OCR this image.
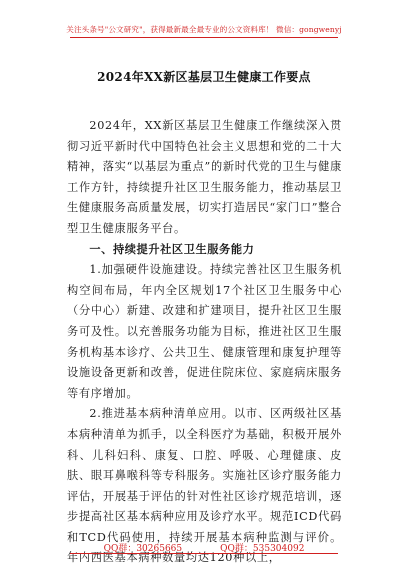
关注头条号"公文研究"，获得最新最全最专业的公文资料库！ 微信：gongwenyj
2024年XX新区基层卫生健康工作要点

2024年，XX新区基层卫生健康工作继续深入贯彻习近平新时代中国特色社会主义思想和党的二十大精神，落实“以基层为重点”的新时代党的卫生与健康工作方针，持续提升社区卫生服务能力，推动基层卫生健康服务高质量发展，切实打造居民“家门口”整合型卫生健康服务平台。

一、持续提升社区卫生服务能力

1.加强硬件设施建设。持续完善社区卫生服务机构空间布局，年内全区规划17个社区卫生服务中心（分中心）新建、改建和扩建项目，提升社区卫生服务可及性。以充善服务功能为目标，推进社区卫生服务机构基本诊疗、公共卫生、健康管理和康复护理等设施设备更新和改善，促进住院床位、家庭病床服务等有序增加。

2.推进基本病种清单应用。以市、区两级社区基本病种清单为抓手，以全科医疗为基础，积极开展外科、儿科妇科、康复、口腔、呼吸、心理健康、皮肤、眼耳鼻喉科等专科服务。实施社区诊疗服务能力评估，开展基于评估的针对性社区诊疗规范培训，逐步提高社区基本病种应用及诊疗水平。规范ICD代码和TCD代码使用，持续开展基本病种监测与评价。年内西医基本病种数量均达120种以上，

QQ群：30265665	QQ群：535304092
